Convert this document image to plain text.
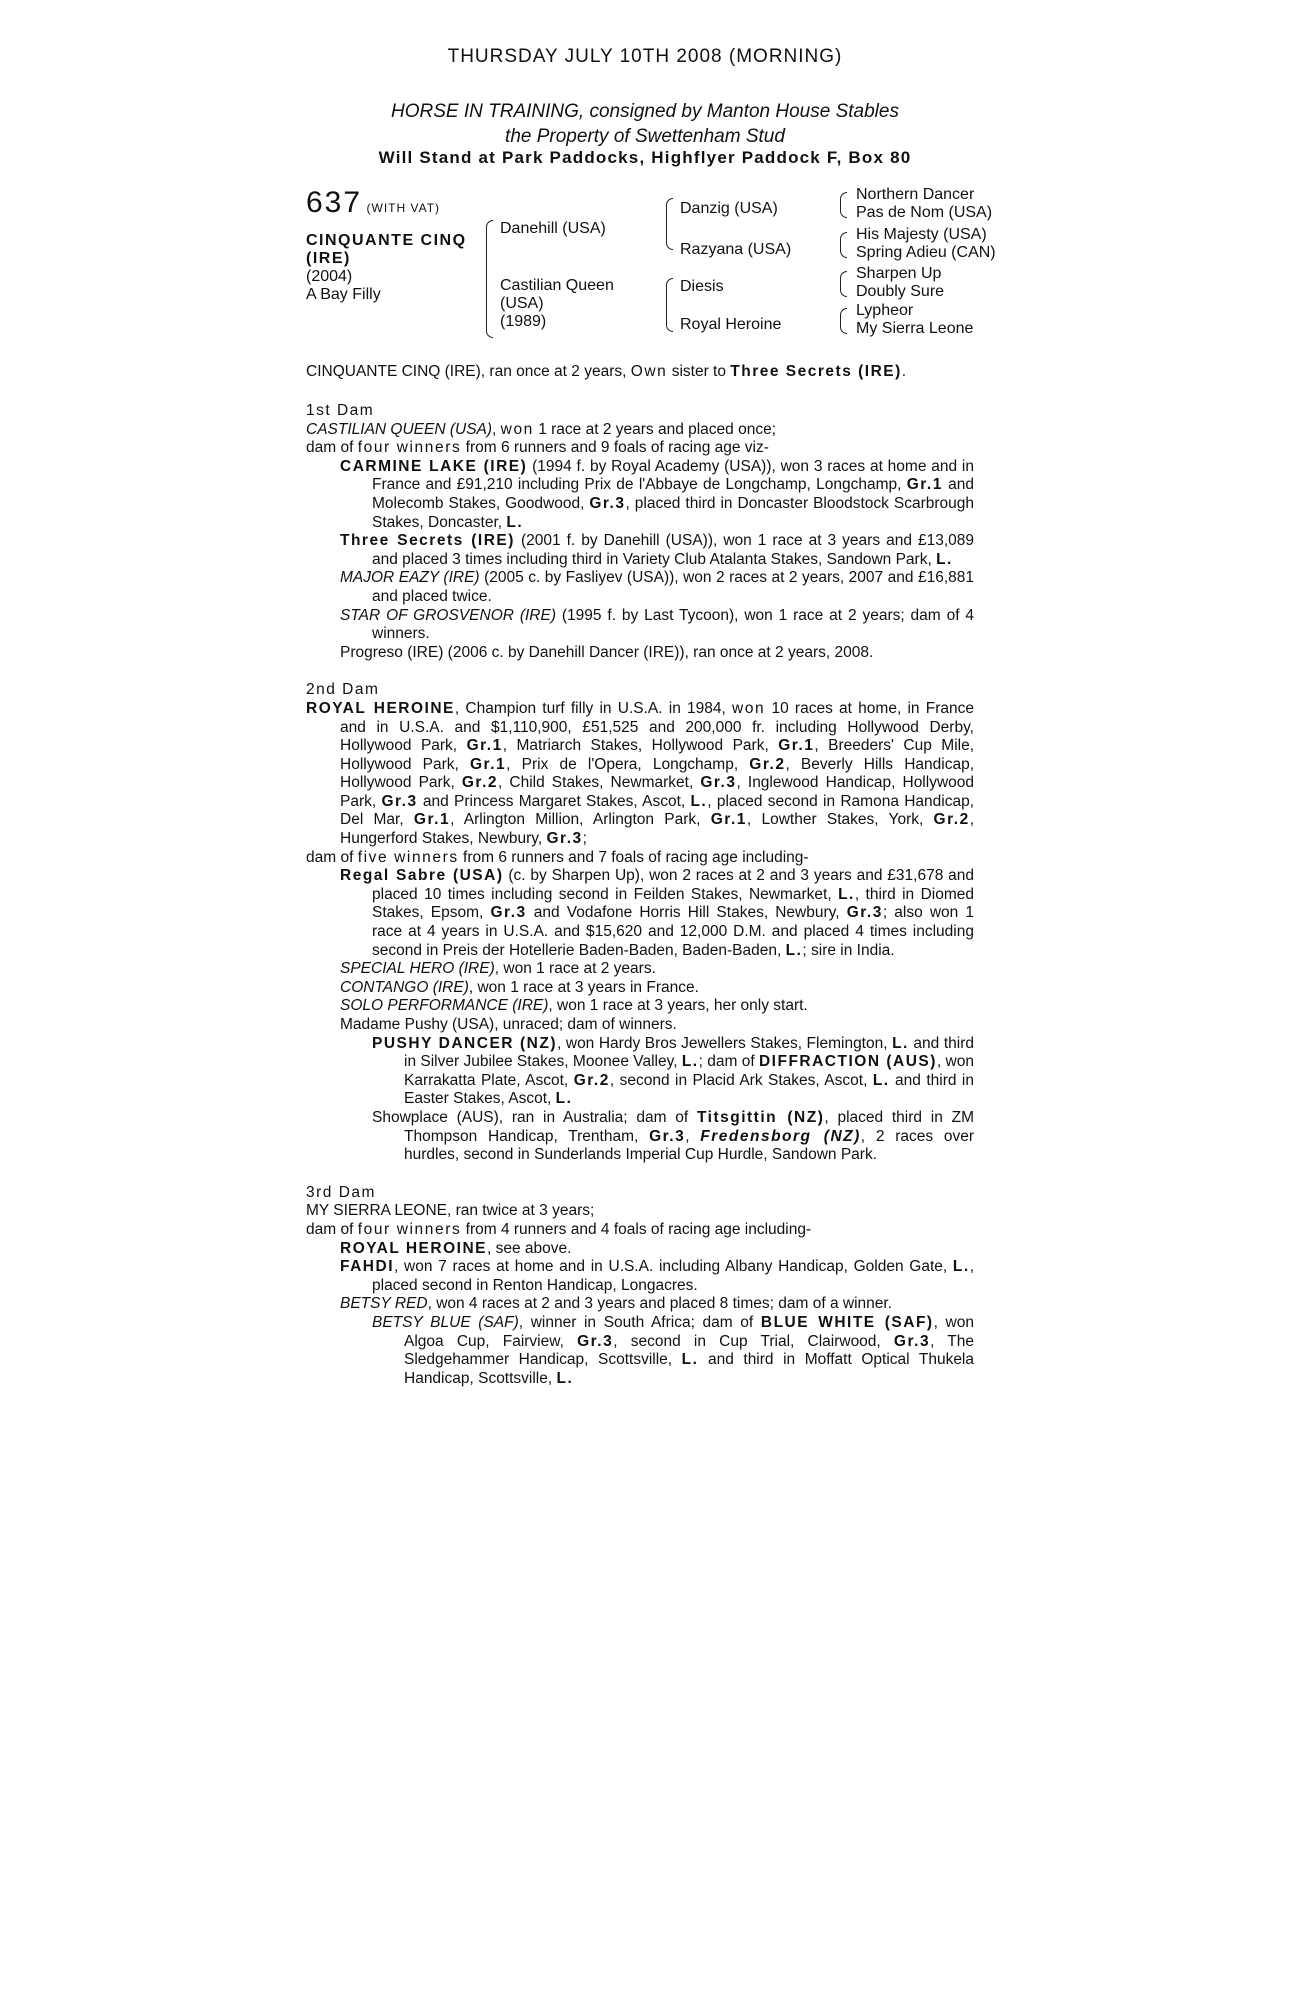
THURSDAY JULY 10TH 2008 (MORNING)
HORSE IN TRAINING, consigned by Manton House Stables
the Property of Swettenham Stud
Will Stand at Park Paddocks, Highflyer Paddock F, Box 80
637 (WITH VAT)
CINQUANTE CINQ
(IRE)
(2004)
A Bay Filly
Danehill (USA)
Castilian Queen
(USA)
(1989)
Danzig (USA)
Razyana (USA)
Diesis
Royal Heroine
Northern Dancer
Pas de Nom (USA)
His Majesty (USA)
Spring Adieu (CAN)
Sharpen Up
Doubly Sure
Lypheor
My Sierra Leone
CINQUANTE CINQ (IRE), ran once at 2 years, Own sister to Three Secrets (IRE).
1st Dam
CASTILIAN QUEEN (USA), won 1 race at 2 years and placed once;
dam of four winners from 6 runners and 9 foals of racing age viz-
CARMINE LAKE (IRE) (1994 f. by Royal Academy (USA)), won 3 races at home and in France and £91,210 including Prix de l'Abbaye de Longchamp, Longchamp, Gr.1 and Molecomb Stakes, Goodwood, Gr.3, placed third in Doncaster Bloodstock Scarbrough Stakes, Doncaster, L.
Three Secrets (IRE) (2001 f. by Danehill (USA)), won 1 race at 3 years and £13,089 and placed 3 times including third in Variety Club Atalanta Stakes, Sandown Park, L.
MAJOR EAZY (IRE) (2005 c. by Fasliyev (USA)), won 2 races at 2 years, 2007 and £16,881 and placed twice.
STAR OF GROSVENOR (IRE) (1995 f. by Last Tycoon), won 1 race at 2 years; dam of 4 winners.
Progreso (IRE) (2006 c. by Danehill Dancer (IRE)), ran once at 2 years, 2008.
2nd Dam
ROYAL HEROINE, Champion turf filly in U.S.A. in 1984, won 10 races at home, in France and in U.S.A. and $1,110,900, £51,525 and 200,000 fr. including Hollywood Derby, Hollywood Park, Gr.1, Matriarch Stakes, Hollywood Park, Gr.1, Breeders' Cup Mile, Hollywood Park, Gr.1, Prix de l'Opera, Longchamp, Gr.2, Beverly Hills Handicap, Hollywood Park, Gr.2, Child Stakes, Newmarket, Gr.3, Inglewood Handicap, Hollywood Park, Gr.3 and Princess Margaret Stakes, Ascot, L., placed second in Ramona Handicap, Del Mar, Gr.1, Arlington Million, Arlington Park, Gr.1, Lowther Stakes, York, Gr.2, Hungerford Stakes, Newbury, Gr.3;
dam of five winners from 6 runners and 7 foals of racing age including-
Regal Sabre (USA) (c. by Sharpen Up), won 2 races at 2 and 3 years and £31,678 and placed 10 times including second in Feilden Stakes, Newmarket, L., third in Diomed Stakes, Epsom, Gr.3 and Vodafone Horris Hill Stakes, Newbury, Gr.3; also won 1 race at 4 years in U.S.A. and $15,620 and 12,000 D.M. and placed 4 times including second in Preis der Hotellerie Baden-Baden, Baden-Baden, L.; sire in India.
SPECIAL HERO (IRE), won 1 race at 2 years.
CONTANGO (IRE), won 1 race at 3 years in France.
SOLO PERFORMANCE (IRE), won 1 race at 3 years, her only start.
Madame Pushy (USA), unraced; dam of winners.
PUSHY DANCER (NZ), won Hardy Bros Jewellers Stakes, Flemington, L. and third in Silver Jubilee Stakes, Moonee Valley, L.; dam of DIFFRACTION (AUS), won Karrakatta Plate, Ascot, Gr.2, second in Placid Ark Stakes, Ascot, L. and third in Easter Stakes, Ascot, L.
Showplace (AUS), ran in Australia; dam of Titsgittin (NZ), placed third in ZM Thompson Handicap, Trentham, Gr.3, Fredensborg (NZ), 2 races over hurdles, second in Sunderlands Imperial Cup Hurdle, Sandown Park.
3rd Dam
MY SIERRA LEONE, ran twice at 3 years;
dam of four winners from 4 runners and 4 foals of racing age including-
ROYAL HEROINE, see above.
FAHDI, won 7 races at home and in U.S.A. including Albany Handicap, Golden Gate, L., placed second in Renton Handicap, Longacres.
BETSY RED, won 4 races at 2 and 3 years and placed 8 times; dam of a winner.
BETSY BLUE (SAF), winner in South Africa; dam of BLUE WHITE (SAF), won Algoa Cup, Fairview, Gr.3, second in Cup Trial, Clairwood, Gr.3, The Sledgehammer Handicap, Scottsville, L. and third in Moffatt Optical Thukela Handicap, Scottsville, L.
